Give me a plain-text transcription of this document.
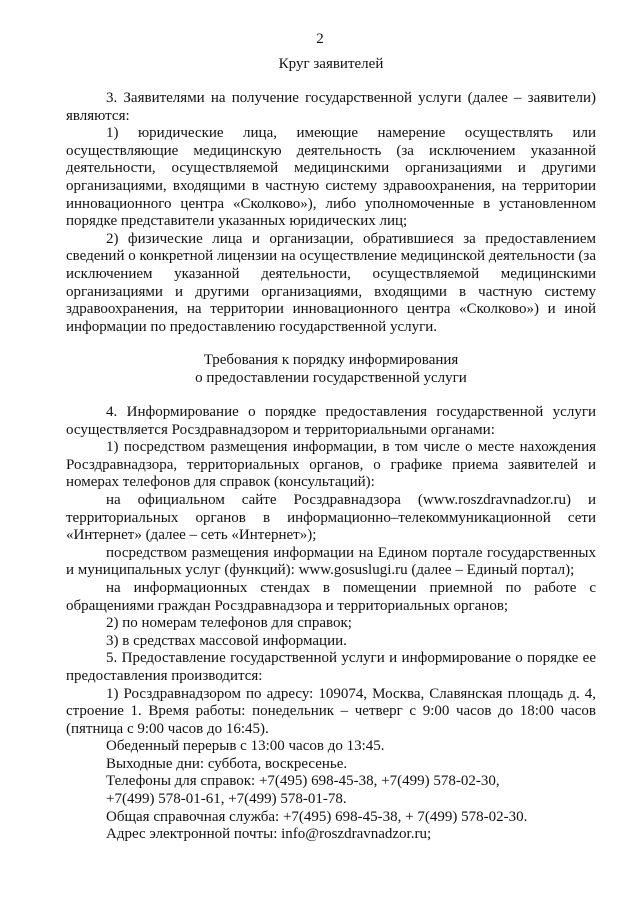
2
Круг заявителей

3. Заявителями на получение государственной услуги (далее – заявители) являются:

1) юридические лица, имеющие намерение осуществлять или осуществляющие медицинскую деятельность (за исключением указанной деятельности, осуществляемой медицинскими организациями и другими организациями, входящими в частную систему здравоохранения, на территории инновационного центра «Сколково»), либо уполномоченные в установленном порядке представители указанных юридических лиц;

2) физические лица и организации, обратившиеся за предоставлением сведений о конкретной лицензии на осуществление медицинской деятельности (за исключением указанной деятельности, осуществляемой медицинскими организациями и другими организациями, входящими в частную систему здравоохранения, на территории инновационного центра «Сколково») и иной информации по предоставлению государственной услуги.

Требования к порядку информирования
о предоставлении государственной услуги

4. Информирование о порядке предоставления государственной услуги осуществляется Росздравнадзором и территориальными органами:

1) посредством размещения информации, в том числе о месте нахождения Росздравнадзора, территориальных органов, о графике приема заявителей и номерах телефонов для справок (консультаций):

на официальном сайте Росздравнадзора (www.roszdravnadzor.ru) и территориальных органов в информационно–телекоммуникационной сети «Интернет» (далее – сеть «Интернет»);

посредством размещения информации на Едином портале государственных и муниципальных услуг (функций): www.gosuslugi.ru (далее – Единый портал);

на информационных стендах в помещении приемной по работе с обращениями граждан Росздравнадзора и территориальных органов;

2) по номерам телефонов для справок;

3) в средствах массовой информации.

5. Предоставление государственной услуги и информирование о порядке ее предоставления производится:

1) Росздравнадзором по адресу: 109074, Москва, Славянская площадь д. 4, строение 1. Время работы: понедельник – четверг с 9:00 часов до 18:00 часов (пятница с 9:00 часов до 16:45).

Обеденный перерыв с 13:00 часов до 13:45.

Выходные дни: суббота, воскресенье.

Телефоны для справок: +7(495) 698-45-38, +7(499) 578-02-30,

+7(499) 578-01-61, +7(499) 578-01-78.

Общая справочная служба: +7(495) 698-45-38, + 7(499) 578-02-30.

Адрес электронной почты: info@roszdravnadzor.ru;
